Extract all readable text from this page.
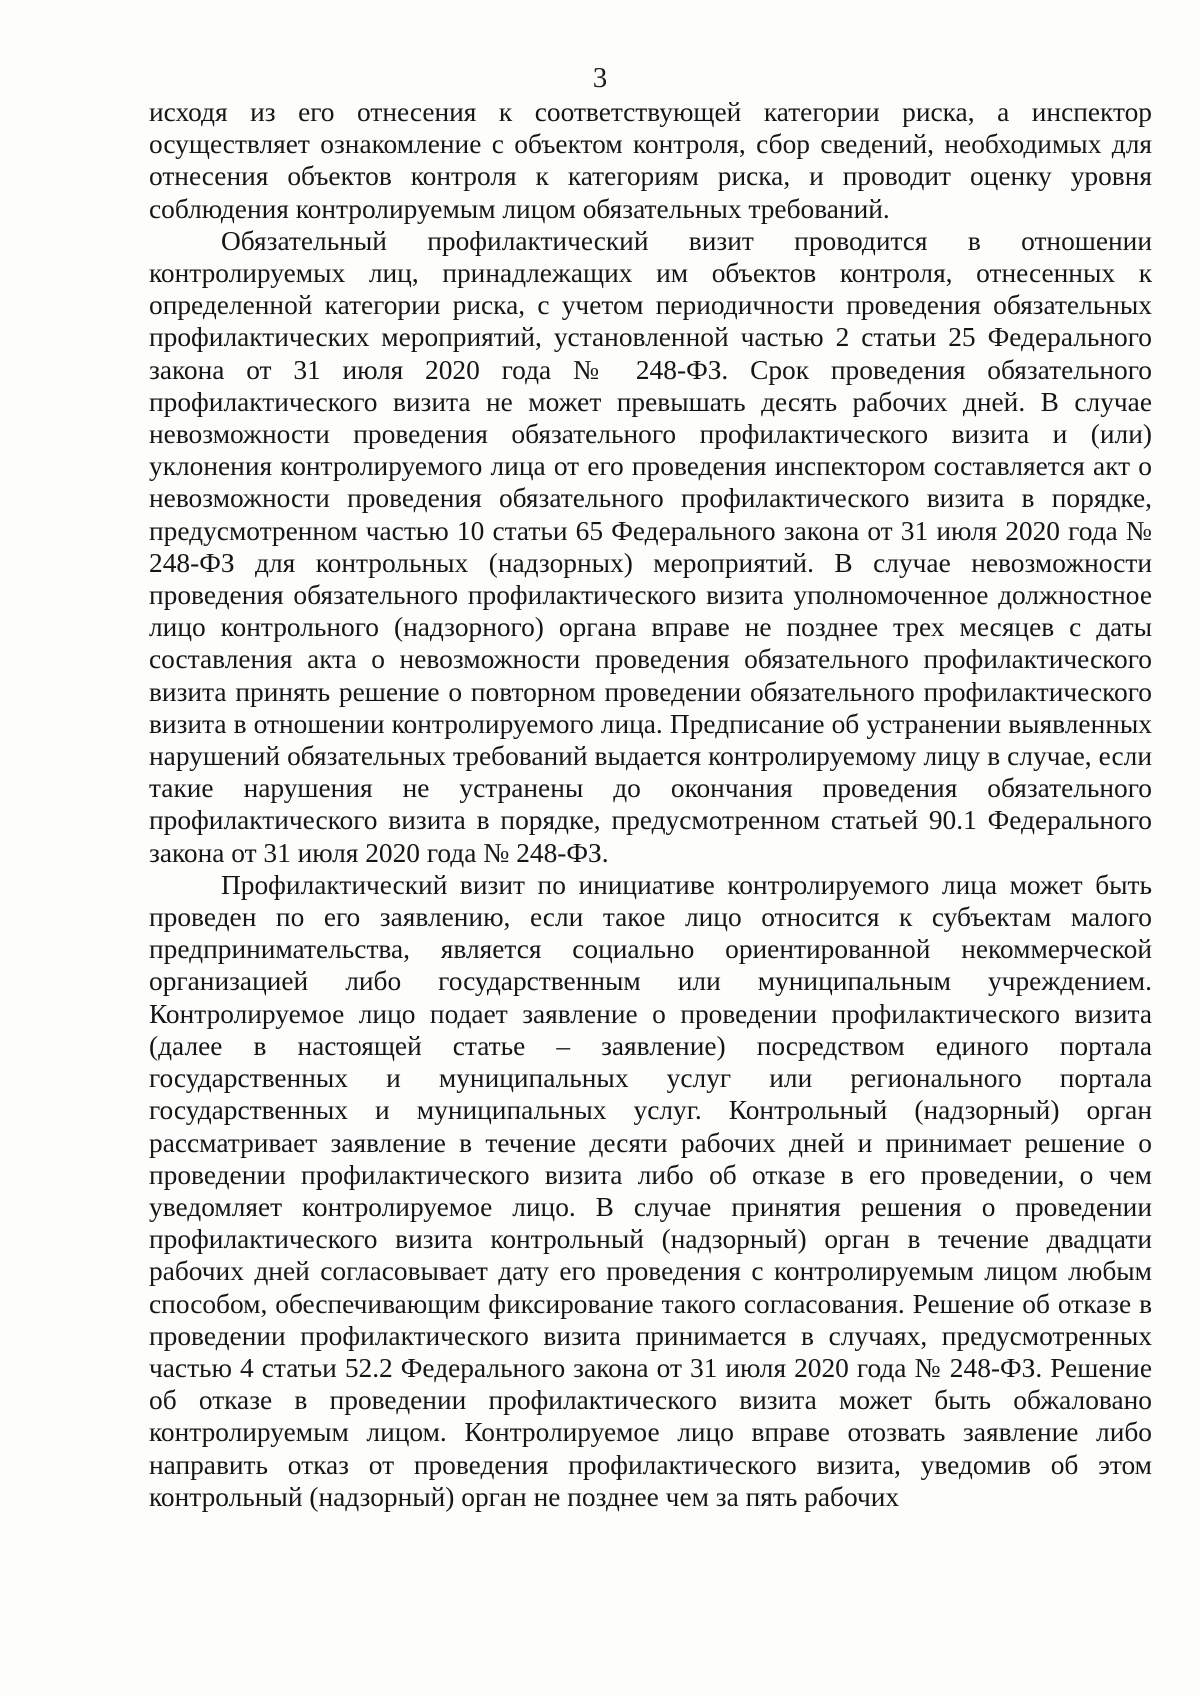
3

исходя из его отнесения к соответствующей категории риска, а инспектор осуществляет ознакомление с объектом контроля, сбор сведений, необходимых для отнесения объектов контроля к категориям риска, и проводит оценку уровня соблюдения контролируемым лицом обязательных требований.

Обязательный профилактический визит проводится в отношении контролируемых лиц, принадлежащих им объектов контроля, отнесенных к определенной категории риска, с учетом периодичности проведения обязательных профилактических мероприятий, установленной частью 2 статьи 25 Федерального закона от 31 июля 2020 года № 248-ФЗ. Срок проведения обязательного профилактического визита не может превышать десять рабочих дней. В случае невозможности проведения обязательного профилактического визита и (или) уклонения контролируемого лица от его проведения инспектором составляется акт о невозможности проведения обязательного профилактического визита в порядке, предусмотренном частью 10 статьи 65 Федерального закона от 31 июля 2020 года № 248-ФЗ для контрольных (надзорных) мероприятий. В случае невозможности проведения обязательного профилактического визита уполномоченное должностное лицо контрольного (надзорного) органа вправе не позднее трех месяцев с даты составления акта о невозможности проведения обязательного профилактического визита принять решение о повторном проведении обязательного профилактического визита в отношении контролируемого лица. Предписание об устранении выявленных нарушений обязательных требований выдается контролируемому лицу в случае, если такие нарушения не устранены до окончания проведения обязательного профилактического визита в порядке, предусмотренном статьей 90.1 Федерального закона от 31 июля 2020 года № 248-ФЗ.

Профилактический визит по инициативе контролируемого лица может быть проведен по его заявлению, если такое лицо относится к субъектам малого предпринимательства, является социально ориентированной некоммерческой организацией либо государственным или муниципальным учреждением. Контролируемое лицо подает заявление о проведении профилактического визита (далее в настоящей статье – заявление) посредством единого портала государственных и муниципальных услуг или регионального портала государственных и муниципальных услуг. Контрольный (надзорный) орган рассматривает заявление в течение десяти рабочих дней и принимает решение о проведении профилактического визита либо об отказе в его проведении, о чем уведомляет контролируемое лицо. В случае принятия решения о проведении профилактического визита контрольный (надзорный) орган в течение двадцати рабочих дней согласовывает дату его проведения с контролируемым лицом любым способом, обеспечивающим фиксирование такого согласования. Решение об отказе в проведении профилактического визита принимается в случаях, предусмотренных частью 4 статьи 52.2 Федерального закона от 31 июля 2020 года № 248-ФЗ. Решение об отказе в проведении профилактического визита может быть обжаловано контролируемым лицом. Контролируемое лицо вправе отозвать заявление либо направить отказ от проведения профилактического визита, уведомив об этом контрольный (надзорный) орган не позднее чем за пять рабочих
